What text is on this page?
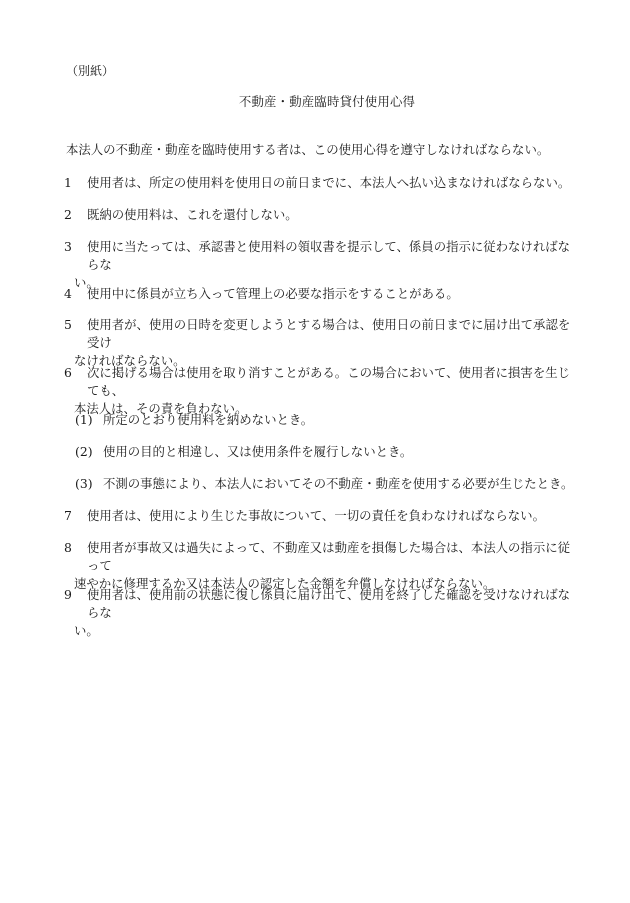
（別紙）
不動産・動産臨時貸付使用心得
本法人の不動産・動産を臨時使用する者は、この使用心得を遵守しなければならない。
1	使用者は、所定の使用料を使用日の前日までに、本法人へ払い込まなければならない。
2	既納の使用料は、これを還付しない。
3	使用に当たっては、承認書と使用料の領収書を提示して、係員の指示に従わなければならな
い。
4	使用中に係員が立ち入って管理上の必要な指示をすることがある。
5	使用者が、使用の日時を変更しようとする場合は、使用日の前日までに届け出て承認を受け
なければならない。
6	次に掲げる場合は使用を取り消すことがある。この場合において、使用者に損害を生じても、
本法人は、その責を負わない。
(1) 所定のとおり使用料を納めないとき。
(2) 使用の目的と相違し、又は使用条件を履行しないとき。
(3) 不測の事態により、本法人においてその不動産・動産を使用する必要が生じたとき。
7	使用者は、使用により生じた事故について、一切の責任を負わなければならない。
8	使用者が事故又は過失によって、不動産又は動産を損傷した場合は、本法人の指示に従って
速やかに修理するか又は本法人の認定した金額を弁償しなければならない。
9	使用者は、使用前の状態に復し係員に届け出て、使用を終了した確認を受けなければならな
い。
